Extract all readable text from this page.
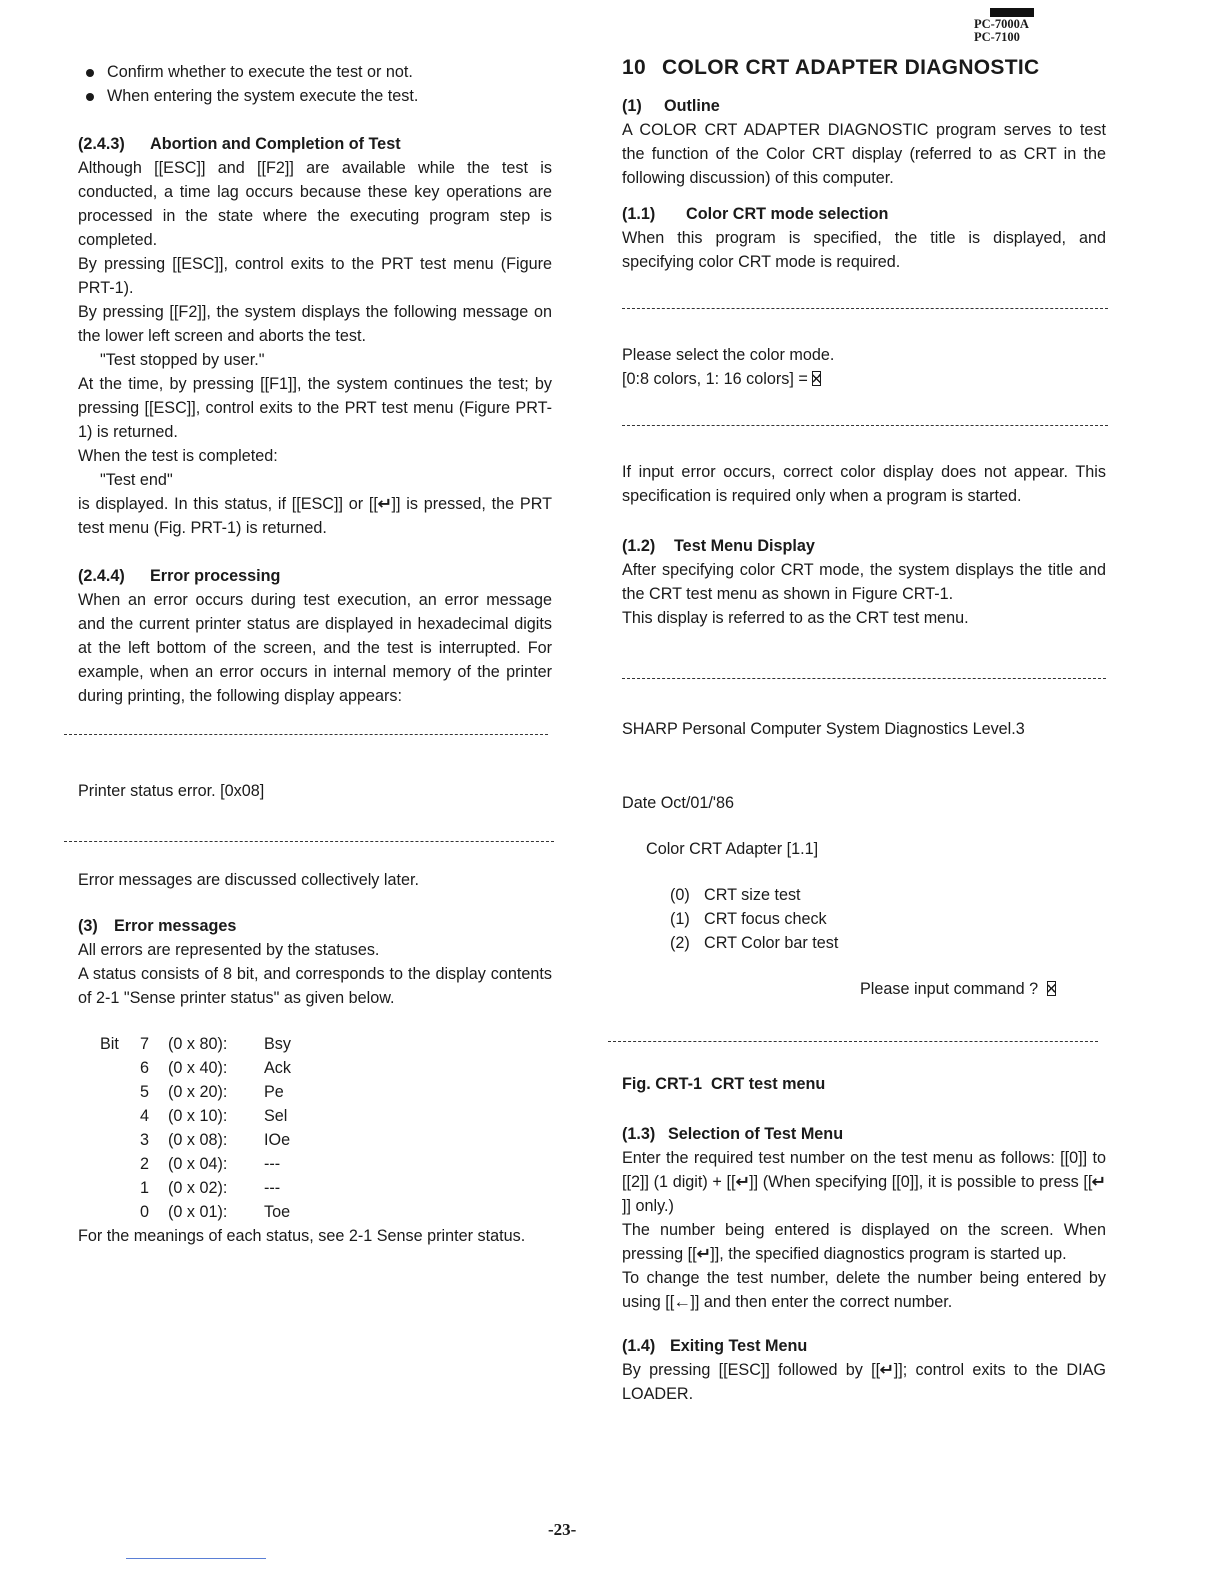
PC-7000A
PC-7100

Confirm whether to execute the test or not.

When entering the system execute the test.

(2.4.3) Abortion and Completion of Test

Although [[ESC]] and [[F2]] are available while the test is conducted, a time lag occurs because these key operations are processed in the state where the executing program step is completed.

By pressing [[ESC]], control exits to the PRT test menu (Figure PRT-1).

By pressing [[F2]], the system displays the following message on the lower left screen and aborts the test.

"Test stopped by user."

At the time, by pressing [[F1]], the system continues the test; by pressing [[ESC]], control exits to the PRT test menu (Figure PRT-1) is returned.

When the test is completed:

"Test end"

is displayed. In this status, if [[ESC]] or [[↵]] is pressed, the PRT test menu (Fig. PRT-1) is returned.

(2.4.4) Error processing

When an error occurs during test execution, an error message and the current printer status are displayed in hexadecimal digits at the left bottom of the screen, and the test is interrupted. For example, when an error occurs in internal memory of the printer during printing, the following display appears:

Printer status error. [0x08]

Error messages are discussed collectively later.

(3) Error messages

All errors are represented by the statuses.

A status consists of 8 bit, and corresponds to the display contents of 2-1 "Sense printer status" as given below.

Bit	7	(0 x 80):	Bsy
6	(0 x 40):	Ack
5	(0 x 20):	Pe
4	(0 x 10):	Sel
3	(0 x 08):	IOe
2	(0 x 04):	---
1	(0 x 02):	---
0	(0 x 01):	Toe

For the meanings of each status, see 2-1 Sense printer status.

10 COLOR CRT ADAPTER DIAGNOSTIC

(1) Outline

A COLOR CRT ADAPTER DIAGNOSTIC program serves to test the function of the Color CRT display (referred to as CRT in the following discussion) of this computer.

(1.1) Color CRT mode selection

When this program is specified, the title is displayed, and specifying color CRT mode is required.

Please select the color mode.

[0:8 colors, 1: 16 colors] =

If input error occurs, correct color display does not appear. This specification is required only when a program is started.

(1.2) Test Menu Display

After specifying color CRT mode, the system displays the title and the CRT test menu as shown in Figure CRT-1.

This display is referred to as the CRT test menu.

SHARP Personal Computer System Diagnostics Level.3

Date Oct/01/'86

Color CRT Adapter [1.1]

(0) CRT size test
(1) CRT focus check
(2) CRT Color bar test

Please input command ?

Fig. CRT-1  CRT test menu

(1.3) Selection of Test Menu

Enter the required test number on the test menu as follows: [[0]] to [[2]] (1 digit) + [[↵]] (When specifying [[0]], it is possible to press [[↵]] only.)

The number being entered is displayed on the screen. When pressing [[↵]], the specified diagnostics program is started up.

To change the test number, delete the number being entered by using [[←]] and then enter the correct number.

(1.4) Exiting Test Menu

By pressing [[ESC]] followed by [[↵]]; control exits to the DIAG LOADER.

-23-
